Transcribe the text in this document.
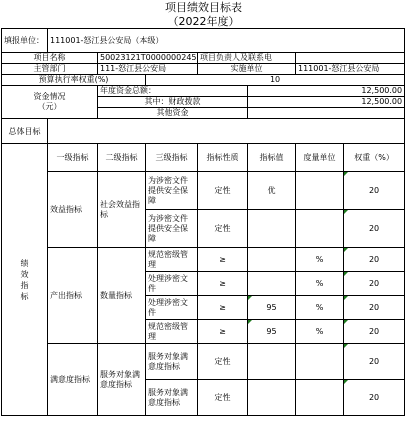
项目绩效目标表
（2022年度）
填报单位：	111001-怒江县公安局（本级）						
项目名称		50023121T0000000245		项目负责人及联系电			
主管部门		111-怒江县公安局		实施单位		111001-怒江县公安局	
预算执行率权重(%)			10				

资金情况
（元）		年度资金总额：			12,500.00		
		其中：财政拨款			12,500.00		
		其他资金					

总体目标							

绩效指标	一级指标	二级指标	三级指标	指标性质	指标值	度量单位	权重（%）
	效益指标	社会效益指标	为涉密文件提供安全保障	定性	优		20
			为涉密文件提供安全保障	定性			20
	产出指标	数量指标	规范密级管理	≥		%	20
			处理涉密文件	≥		%	20
			处理涉密文件	≥	95	%	20
			规范密级管理	≥	95	%	20
	满意度指标	服务对象满意度指标	服务对象满意度指标	定性			20
			服务对象满意度指标	定性			20
